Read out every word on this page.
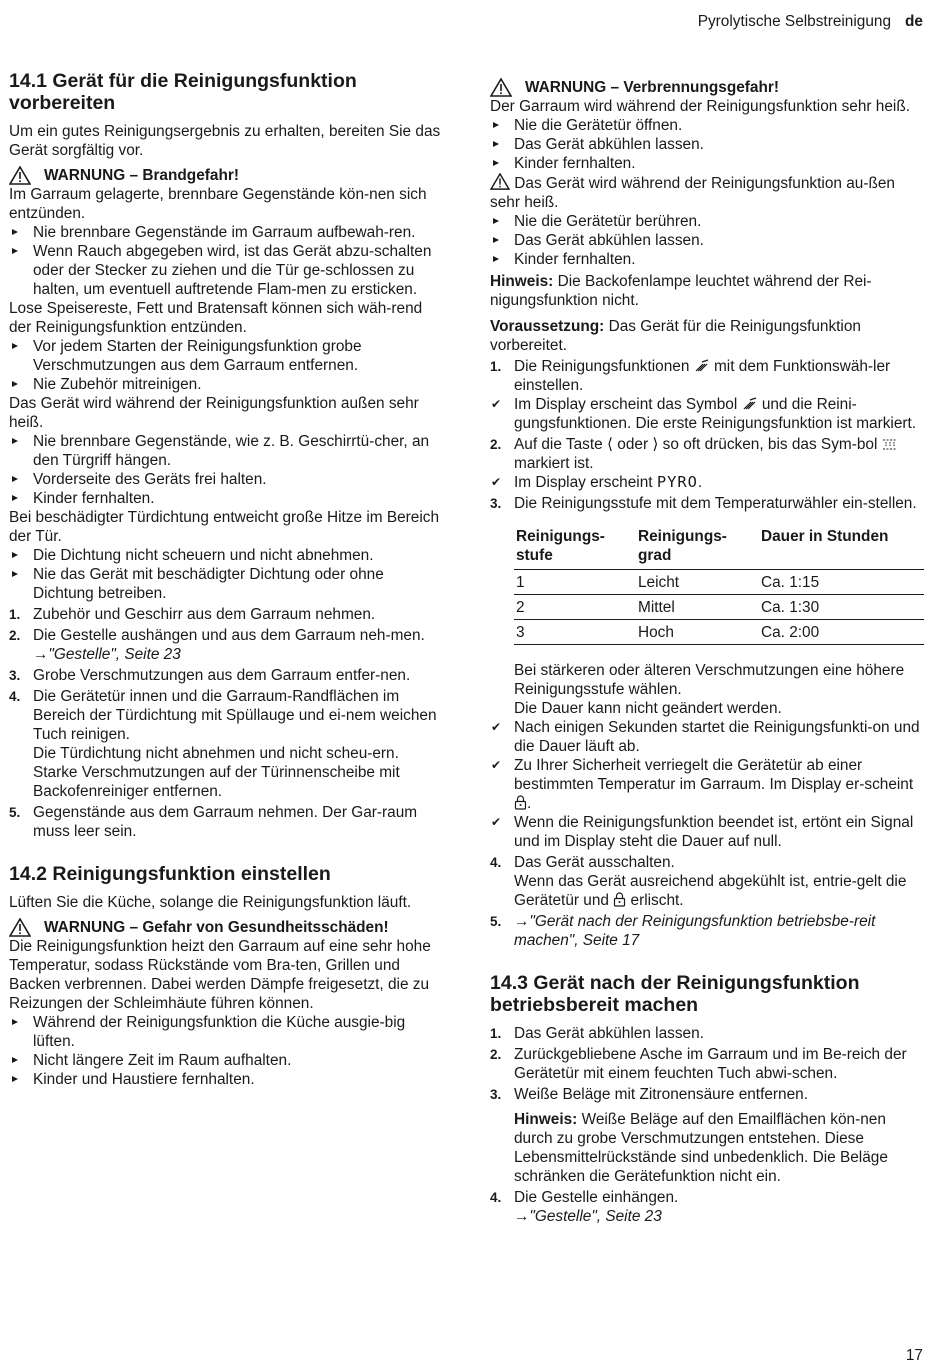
Pyrolytische Selbstreinigung de
14.1 Gerät für die Reinigungsfunktion vorbereiten

Um ein gutes Reinigungsergebnis zu erhalten, bereiten Sie das Gerät sorgfältig vor.

WARNUNG – Brandgefahr!

Im Garraum gelagerte, brennbare Gegenstände kön-nen sich entzünden.

Nie brennbare Gegenstände im Garraum aufbewah-ren.
Wenn Rauch abgegeben wird, ist das Gerät abzu-schalten oder der Stecker zu ziehen und die Tür ge-schlossen zu halten, um eventuell auftretende Flam-men zu ersticken.

Lose Speisereste, Fett und Bratensaft können sich wäh-rend der Reinigungsfunktion entzünden.

Vor jedem Starten der Reinigungsfunktion grobe Verschmutzungen aus dem Garraum entfernen.
Nie Zubehör mitreinigen.

Das Gerät wird während der Reinigungsfunktion außen sehr heiß.

Nie brennbare Gegenstände, wie z. B. Geschirrtü-cher, an den Türgriff hängen.
Vorderseite des Geräts frei halten.
Kinder fernhalten.

Bei beschädigter Türdichtung entweicht große Hitze im Bereich der Tür.

Die Dichtung nicht scheuern und nicht abnehmen.
Nie das Gerät mit beschädigter Dichtung oder ohne Dichtung betreiben.
1. Zubehör und Geschirr aus dem Garraum nehmen.
2. Die Gestelle aushängen und aus dem Garraum neh-men.
→ "Gestelle", Seite 23
3. Grobe Verschmutzungen aus dem Garraum entfer-nen.
4. Die Gerätetür innen und die Garraum-Randflächen im Bereich der Türdichtung mit Spüllauge und ei-nem weichen Tuch reinigen.
Die Türdichtung nicht abnehmen und nicht scheu-ern.
Starke Verschmutzungen auf der Türinnenscheibe mit Backofenreiniger entfernen.
5. Gegenstände aus dem Garraum nehmen. Der Gar-raum muss leer sein.
14.2 Reinigungsfunktion einstellen

Lüften Sie die Küche, solange die Reinigungsfunktion läuft.

WARNUNG – Gefahr von Gesundheitsschäden!

Die Reinigungsfunktion heizt den Garraum auf eine sehr hohe Temperatur, sodass Rückstände vom Bra-ten, Grillen und Backen verbrennen. Dabei werden Dämpfe freigesetzt, die zu Reizungen der Schleimhäute führen können.

Während der Reinigungsfunktion die Küche ausgie-big lüften.
Nicht längere Zeit im Raum aufhalten.
Kinder und Haustiere fernhalten.
WARNUNG – Verbrennungsgefahr!

Der Garraum wird während der Reinigungsfunktion sehr heiß.

Nie die Gerätetür öffnen.
Das Gerät abkühlen lassen.
Kinder fernhalten.

Das Gerät wird während der Reinigungsfunktion au-ßen sehr heiß.

Nie die Gerätetür berühren.
Das Gerät abkühlen lassen.
Kinder fernhalten.

Hinweis: Die Backofenlampe leuchtet während der Rei-nigungsfunktion nicht.

Voraussetzung: Das Gerät für die Reinigungsfunktion vorbereitet.

1. Die Reinigungsfunktionen mit dem Funktionswäh-ler einstellen.
✔ Im Display erscheint das Symbol und die Reini-gungsfunktionen. Die erste Reinigungsfunktion ist markiert.
2. Auf die Taste ⟨ oder ⟩ so oft drücken, bis das Sym-bol  markiert ist.
✔ Im Display erscheint PYRO.
3. Die Reinigungsstufe mit dem Temperaturwähler ein-stellen.
Reinigungs-stufe	Reinigungs-grad	Dauer in Stunden
1	Leicht	Ca. 1:15
2	Mittel	Ca. 1:30
3	Hoch	Ca. 2:00

Bei stärkeren oder älteren Verschmutzungen eine höhere Reinigungsstufe wählen.

Die Dauer kann nicht geändert werden.

✔ Nach einigen Sekunden startet die Reinigungsfunkti-on und die Dauer läuft ab.
✔ Zu Ihrer Sicherheit verriegelt die Gerätetür ab einer bestimmten Temperatur im Garraum. Im Display er-scheint .
✔ Wenn die Reinigungsfunktion beendet ist, ertönt ein Signal und im Display steht die Dauer auf null.
4. Das Gerät ausschalten.
Wenn das Gerät ausreichend abgekühlt ist, entrie-gelt die Gerätetür und erlischt.
5. → "Gerät nach der Reinigungsfunktion betriebsbe-reit machen", Seite 17
14.3 Gerät nach der Reinigungsfunktion betriebsbereit machen
1. Das Gerät abkühlen lassen.
2. Zurückgebliebene Asche im Garraum und im Be-reich der Gerätetür mit einem feuchten Tuch abwi-schen.
3. Weiße Beläge mit Zitronensäure entfernen.

Hinweis: Weiße Beläge auf den Emailflächen kön-nen durch zu grobe Verschmutzungen entstehen. Diese Lebensmittelrückstände sind unbedenklich. Die Beläge schränken die Gerätefunktion nicht ein.

4. Die Gestelle einhängen.
→ "Gestelle", Seite 23
17
